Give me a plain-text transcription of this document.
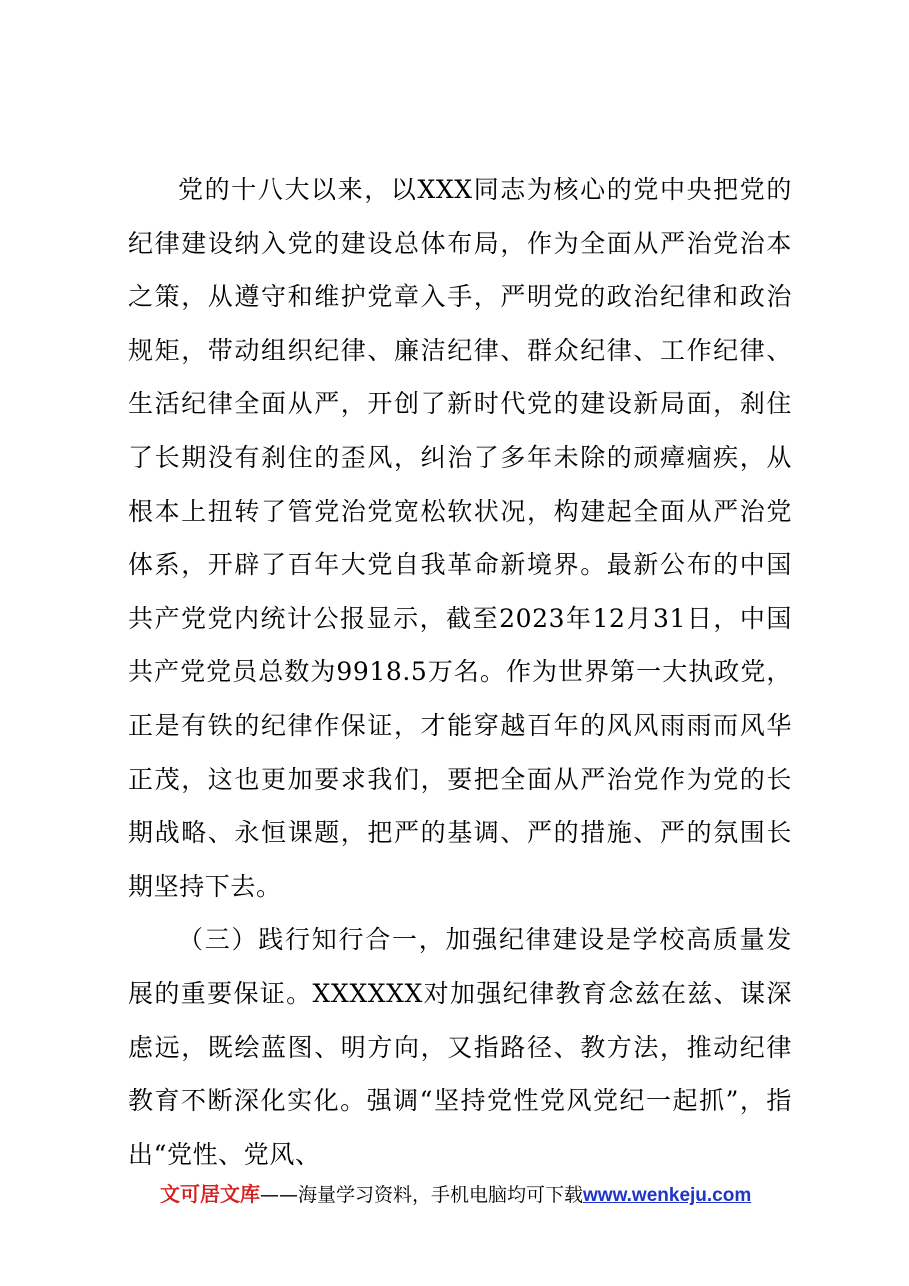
党的十八大以来，以XXX同志为核心的党中央把党的纪律建设纳入党的建设总体布局，作为全面从严治党治本之策，从遵守和维护党章入手，严明党的政治纪律和政治规矩，带动组织纪律、廉洁纪律、群众纪律、工作纪律、生活纪律全面从严，开创了新时代党的建设新局面，刹住了长期没有刹住的歪风，纠治了多年未除的顽瘴痼疾，从根本上扭转了管党治党宽松软状况，构建起全面从严治党体系，开辟了百年大党自我革命新境界。最新公布的中国共产党党内统计公报显示，截至2023年12月31日，中国共产党党员总数为9918.5万名。作为世界第一大执政党，正是有铁的纪律作保证，才能穿越百年的风风雨雨而风华正茂，这也更加要求我们，要把全面从严治党作为党的长期战略、永恒课题，把严的基调、严的措施、严的氛围长期坚持下去。

（三）践行知行合一，加强纪律建设是学校高质量发展的重要保证。XXXXXX对加强纪律教育念兹在兹、谋深虑远，既绘蓝图、明方向，又指路径、教方法，推动纪律教育不断深化实化。强调“坚持党性党风党纪一起抓”，指出“党性、党风、

文可居文库——海量学习资料，手机电脑均可下载www.wenkeju.com
